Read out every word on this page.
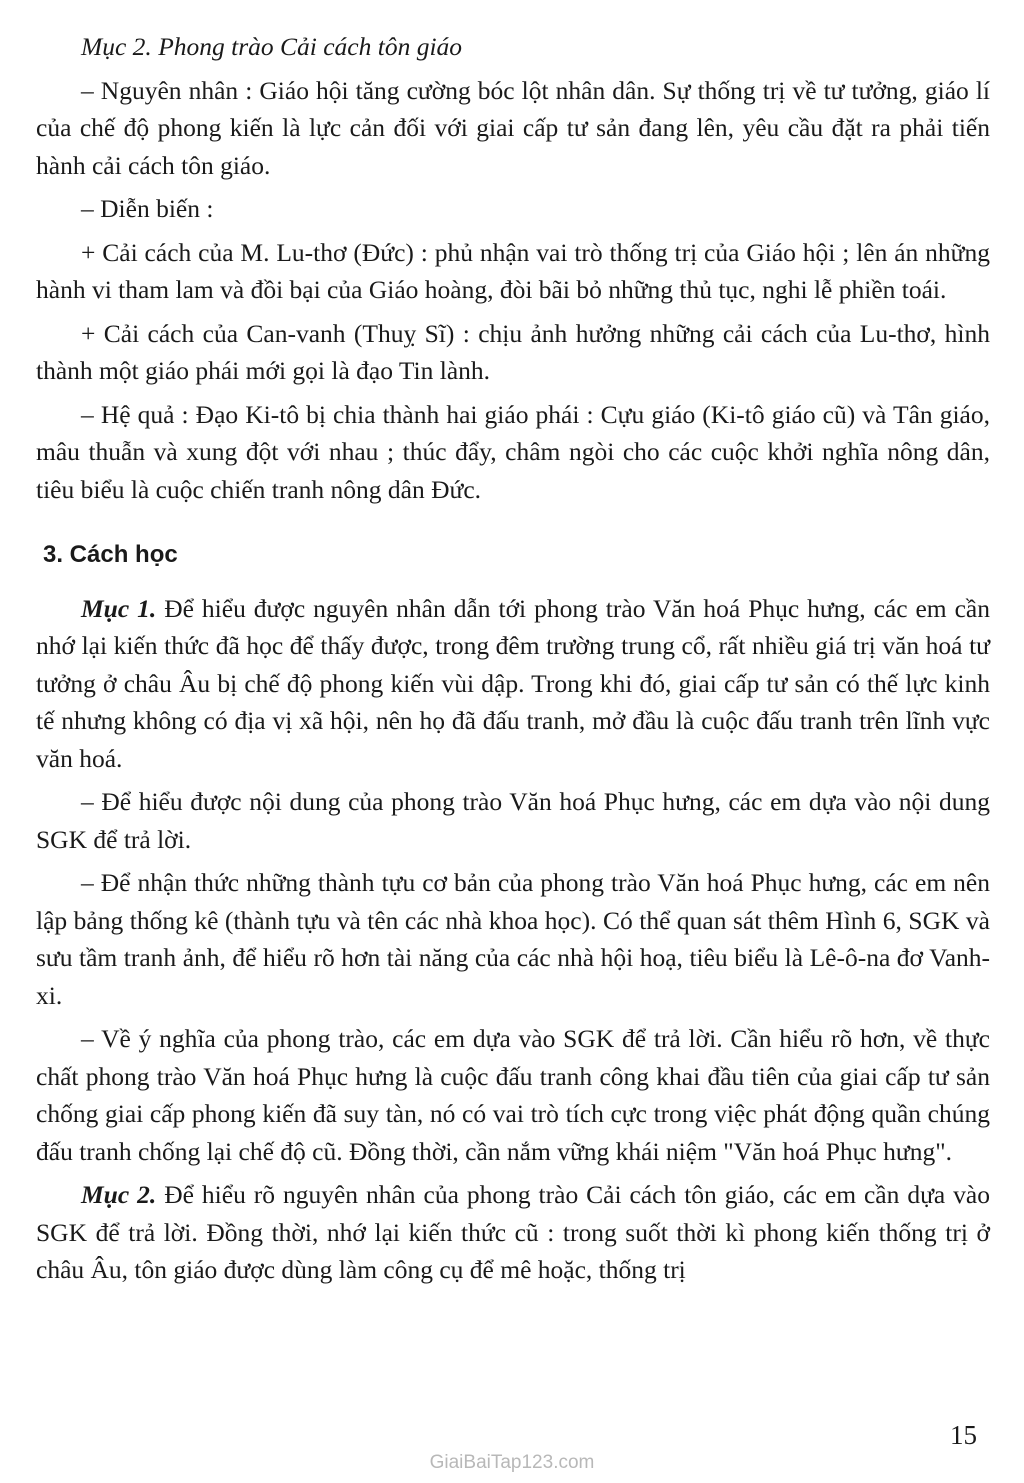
Mục 2. Phong trào Cải cách tôn giáo

– Nguyên nhân : Giáo hội tăng cường bóc lột nhân dân. Sự thống trị về tư tưởng, giáo lí của chế độ phong kiến là lực cản đối với giai cấp tư sản đang lên, yêu cầu đặt ra phải tiến hành cải cách tôn giáo.

– Diễn biến :

+ Cải cách của M. Lu-thơ (Đức) : phủ nhận vai trò thống trị của Giáo hội ; lên án những hành vi tham lam và đồi bại của Giáo hoàng, đòi bãi bỏ những thủ tục, nghi lễ phiền toái.

+ Cải cách của Can-vanh (Thuỵ Sĩ) : chịu ảnh hưởng những cải cách của Lu-thơ, hình thành một giáo phái mới gọi là đạo Tin lành.

– Hệ quả : Đạo Ki-tô bị chia thành hai giáo phái : Cựu giáo (Ki-tô giáo cũ) và Tân giáo, mâu thuẫn và xung đột với nhau ; thúc đẩy, châm ngòi cho các cuộc khởi nghĩa nông dân, tiêu biểu là cuộc chiến tranh nông dân Đức.

3. Cách học

Mục 1. Để hiểu được nguyên nhân dẫn tới phong trào Văn hoá Phục hưng, các em cần nhớ lại kiến thức đã học để thấy được, trong đêm trường trung cổ, rất nhiều giá trị văn hoá tư tưởng ở châu Âu bị chế độ phong kiến vùi dập. Trong khi đó, giai cấp tư sản có thế lực kinh tế nhưng không có địa vị xã hội, nên họ đã đấu tranh, mở đầu là cuộc đấu tranh trên lĩnh vực văn hoá.

– Để hiểu được nội dung của phong trào Văn hoá Phục hưng, các em dựa vào nội dung SGK để trả lời.

– Để nhận thức những thành tựu cơ bản của phong trào Văn hoá Phục hưng, các em nên lập bảng thống kê (thành tựu và tên các nhà khoa học). Có thể quan sát thêm Hình 6, SGK và sưu tầm tranh ảnh, để hiểu rõ hơn tài năng của các nhà hội hoạ, tiêu biểu là Lê-ô-na đơ Vanh-xi.

– Về ý nghĩa của phong trào, các em dựa vào SGK để trả lời. Cần hiểu rõ hơn, về thực chất phong trào Văn hoá Phục hưng là cuộc đấu tranh công khai đầu tiên của giai cấp tư sản chống giai cấp phong kiến đã suy tàn, nó có vai trò tích cực trong việc phát động quần chúng đấu tranh chống lại chế độ cũ. Đồng thời, cần nắm vững khái niệm "Văn hoá Phục hưng".

Mục 2. Để hiểu rõ nguyên nhân của phong trào Cải cách tôn giáo, các em cần dựa vào SGK để trả lời. Đồng thời, nhớ lại kiến thức cũ : trong suốt thời kì phong kiến thống trị ở châu Âu, tôn giáo được dùng làm công cụ để mê hoặc, thống trị

15
GiaiBaiTap123.com
